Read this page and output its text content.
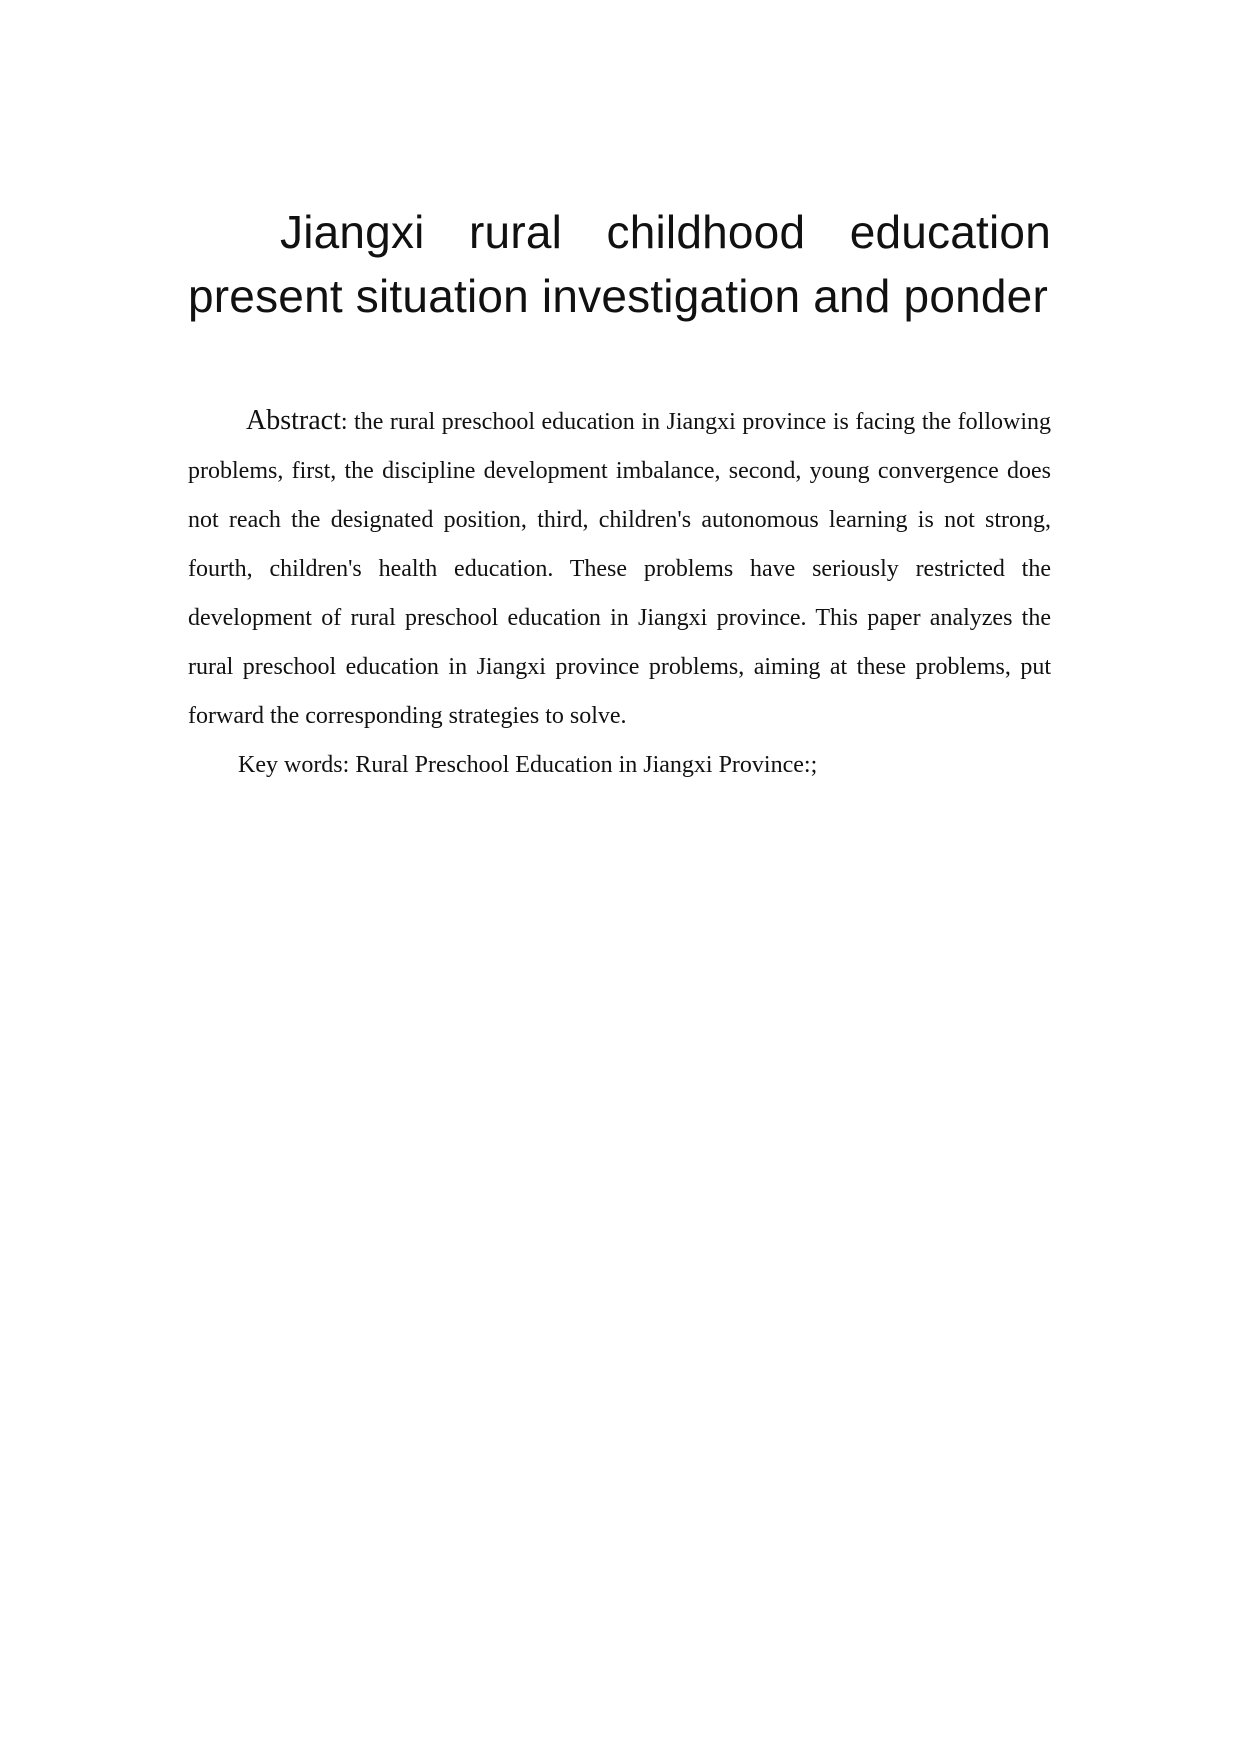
Jiangxi rural childhood education present situation investigation and ponder

Abstract: the rural preschool education in Jiangxi province is facing the following problems, first, the discipline development imbalance, second, young convergence does not reach the designated position, third, children's autonomous learning is not strong, fourth, children's health education. These problems have seriously restricted the development of rural preschool education in Jiangxi province. This paper analyzes the rural preschool education in Jiangxi province problems, aiming at these problems, put forward the corresponding strategies to solve.

Key words: Rural Preschool Education in Jiangxi Province:;
